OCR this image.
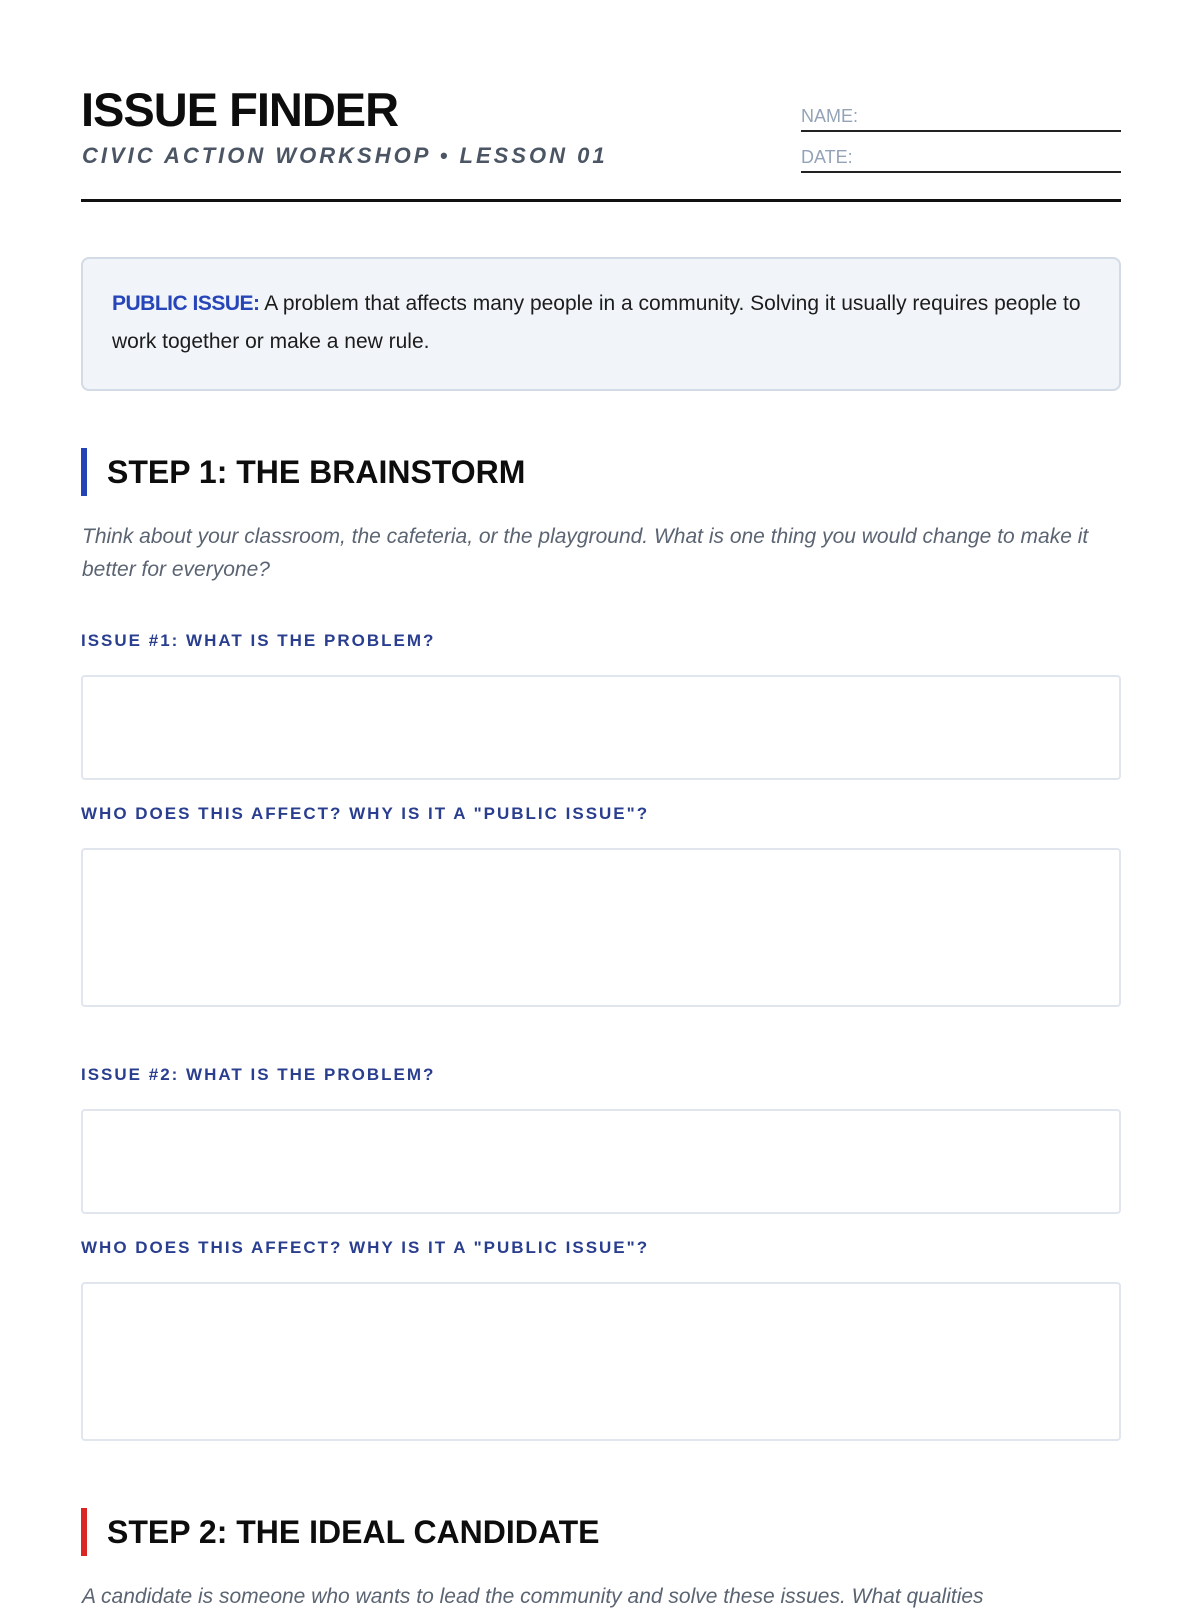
ISSUE FINDER
CIVIC ACTION WORKSHOP • LESSON 01
NAME:
DATE:
PUBLIC ISSUE: A problem that affects many people in a community. Solving it usually requires people to work together or make a new rule.
STEP 1: THE BRAINSTORM
Think about your classroom, the cafeteria, or the playground. What is one thing you would change to make it better for everyone?
ISSUE #1: WHAT IS THE PROBLEM?
WHO DOES THIS AFFECT? WHY IS IT A "PUBLIC ISSUE"?
ISSUE #2: WHAT IS THE PROBLEM?
WHO DOES THIS AFFECT? WHY IS IT A "PUBLIC ISSUE"?
STEP 2: THE IDEAL CANDIDATE
A candidate is someone who wants to lead the community and solve these issues. What qualities
